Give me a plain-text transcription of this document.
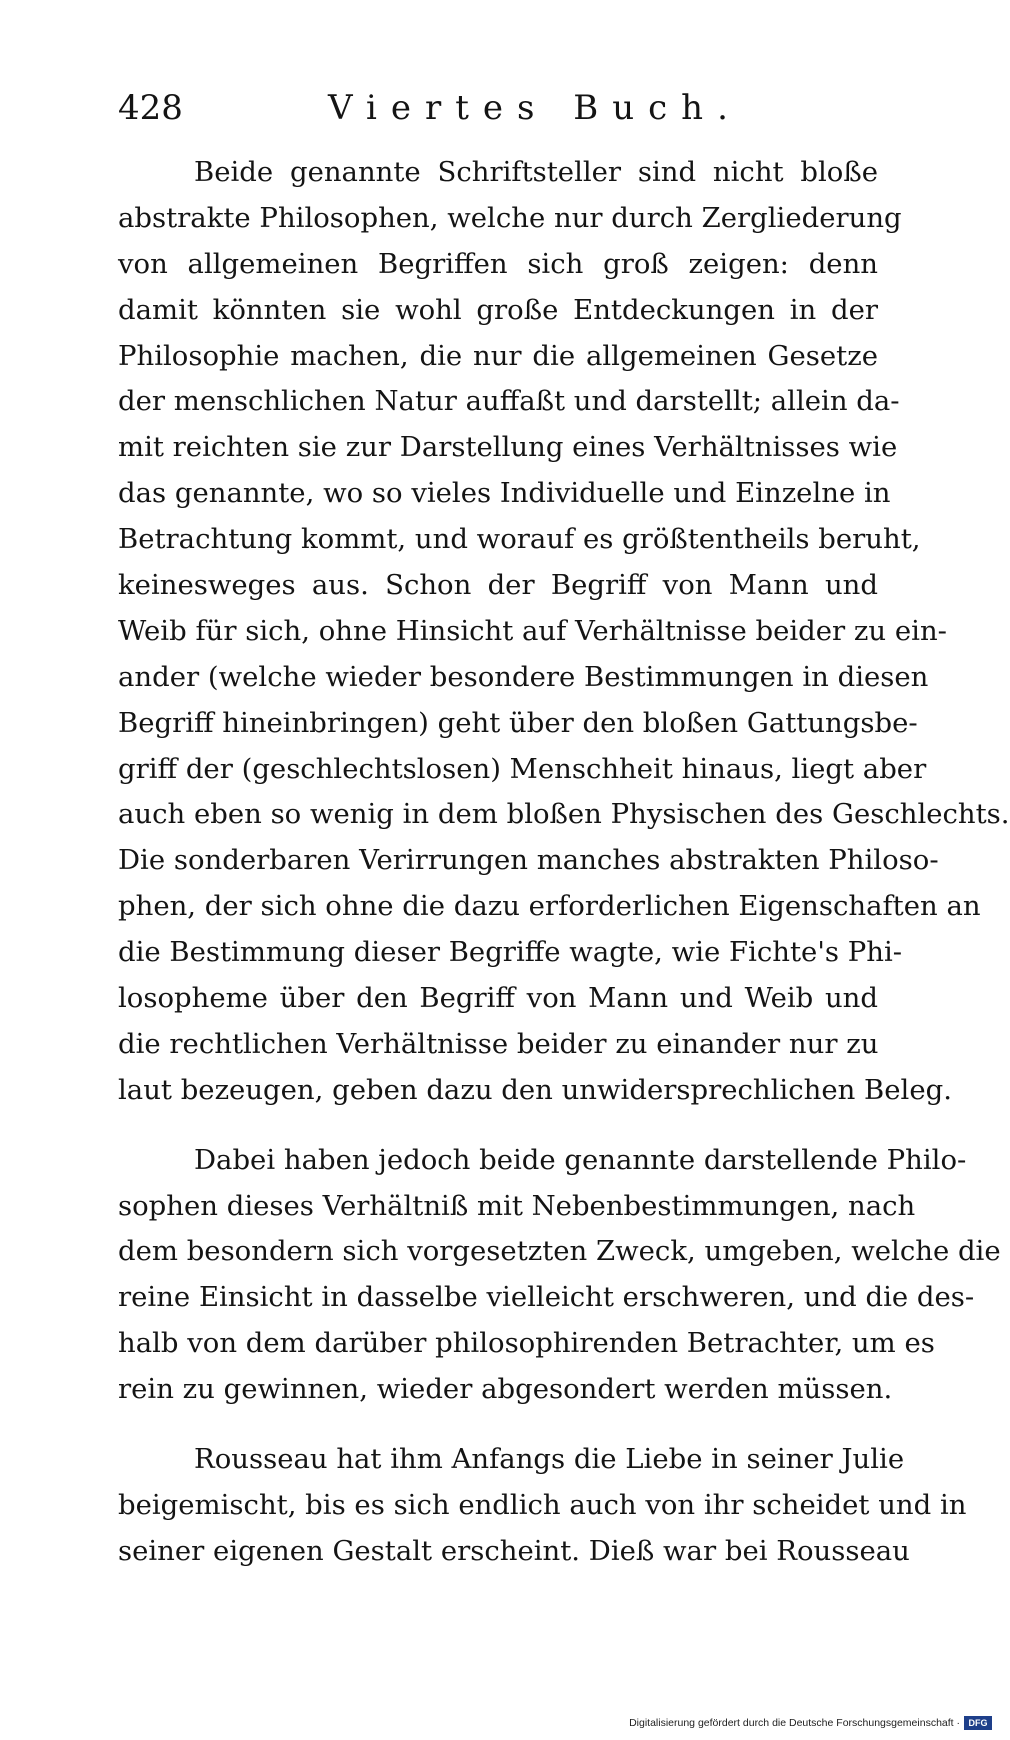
428	Viertes Buch.
Beide genannte Schriftsteller sind nicht bloße
abstrakte Philosophen, welche nur durch Zergliederung
von allgemeinen Begriffen sich groß zeigen: denn
damit könnten sie wohl große Entdeckungen in der
Philosophie machen, die nur die allgemeinen Gesetze
der menschlichen Natur auffaßt und darstellt; allein da-
mit reichten sie zur Darstellung eines Verhältnisses wie
das genannte, wo so vieles Individuelle und Einzelne in
Betrachtung kommt, und worauf es größtentheils beruht,
keinesweges aus. Schon der Begriff von Mann und
Weib für sich, ohne Hinsicht auf Verhältnisse beider zu ein-
ander (welche wieder besondere Bestimmungen in diesen
Begriff hineinbringen) geht über den bloßen Gattungsbe-
griff der (geschlechtslosen) Menschheit hinaus, liegt aber
auch eben so wenig in dem bloßen Physischen des Geschlechts.
Die sonderbaren Verirrungen manches abstrakten Philoso-
phen, der sich ohne die dazu erforderlichen Eigenschaften an
die Bestimmung dieser Begriffe wagte, wie Fichte's Phi-
losopheme über den Begriff von Mann und Weib und
die rechtlichen Verhältnisse beider zu einander nur zu
laut bezeugen, geben dazu den unwidersprechlichen Beleg.
Dabei haben jedoch beide genannte darstellende Philo-
sophen dieses Verhältniß mit Nebenbestimmungen, nach
dem besondern sich vorgesetzten Zweck, umgeben, welche die
reine Einsicht in dasselbe vielleicht erschweren, und die des-
halb von dem darüber philosophirenden Betrachter, um es
rein zu gewinnen, wieder abgesondert werden müssen.
Rousseau hat ihm Anfangs die Liebe in seiner Julie
beigemischt, bis es sich endlich auch von ihr scheidet und in
seiner eigenen Gestalt erscheint. Dieß war bei Rousseau
Digitalisierung gefördert durch die Deutsche Forschungsgemeinschaft · DFG
